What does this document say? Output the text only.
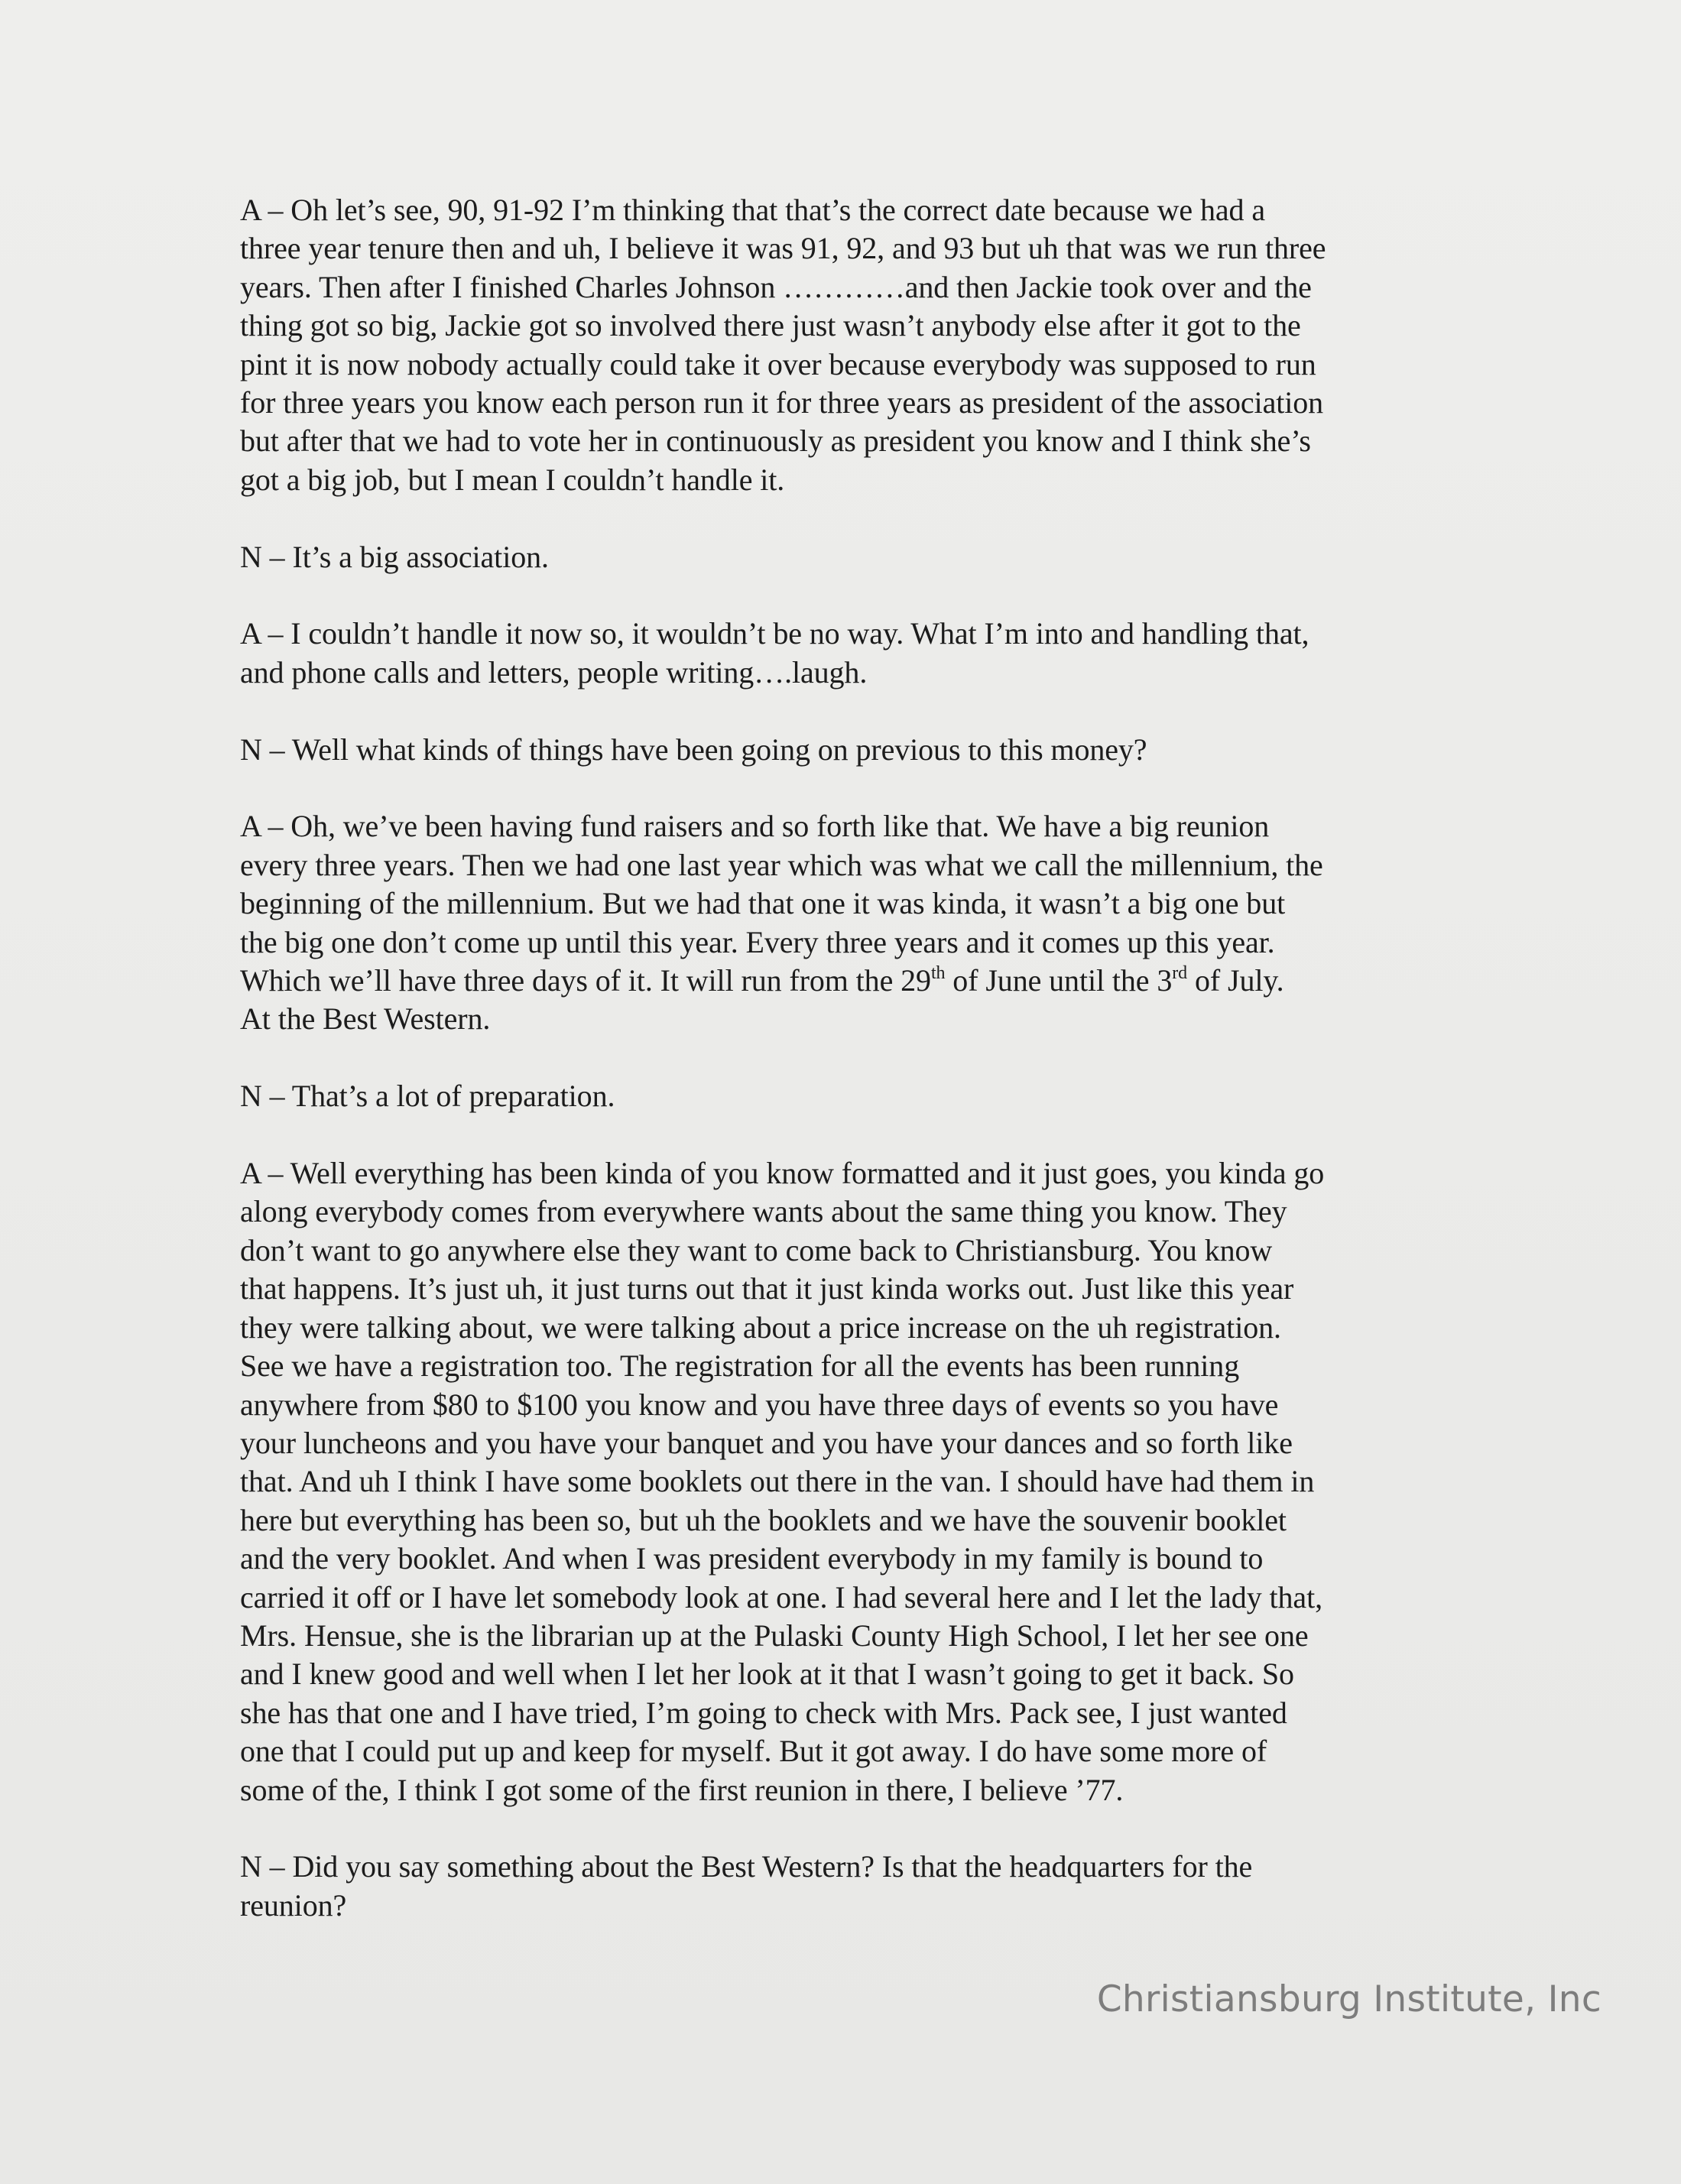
A – Oh let’s see, 90, 91-92 I’m thinking that that’s the correct date because we had a
three year tenure then and uh, I believe it was 91, 92, and 93 but uh that was we run three
years. Then after I finished Charles Johnson …………and then Jackie took over and the
thing got so big, Jackie got so involved there just wasn’t anybody else after it got to the
pint it is now nobody actually could take it over because everybody was supposed to run
for three years you know each person run it for three years as president of the association
but after that we had to vote her in continuously as president you know and I think she’s
got a big job, but I mean I couldn’t handle it.

N – It’s a big association.

A – I couldn’t handle it now so, it wouldn’t be no way. What I’m into and handling that,
and phone calls and letters, people writing….laugh.

N – Well what kinds of things have been going on previous to this money?

A – Oh, we’ve been having fund raisers and so forth like that. We have a big reunion
every three years. Then we had one last year which was what we call the millennium, the
beginning of the millennium. But we had that one it was kinda, it wasn’t a big one but
the big one don’t come up until this year. Every three years and it comes up this year.
Which we’ll have three days of it. It will run from the 29th of June until the 3rd of July.
At the Best Western.

N – That’s a lot of preparation.

A – Well everything has been kinda of you know formatted and it just goes, you kinda go
along everybody comes from everywhere wants about the same thing you know. They
don’t want to go anywhere else they want to come back to Christiansburg. You know
that happens. It’s just uh, it just turns out that it just kinda works out. Just like this year
they were talking about, we were talking about a price increase on the uh registration.
See we have a registration too. The registration for all the events has been running
anywhere from $80 to $100 you know and you have three days of events so you have
your luncheons and you have your banquet and you have your dances and so forth like
that. And uh I think I have some booklets out there in the van. I should have had them in
here but everything has been so, but uh the booklets and we have the souvenir booklet
and the very booklet. And when I was president everybody in my family is bound to
carried it off or I have let somebody look at one. I had several here and I let the lady that,
Mrs. Hensue, she is the librarian up at the Pulaski County High School, I let her see one
and I knew good and well when I let her look at it that I wasn’t going to get it back. So
she has that one and I have tried, I’m going to check with Mrs. Pack see, I just wanted
one that I could put up and keep for myself. But it got away. I do have some more of
some of the, I think I got some of the first reunion in there, I believe ’77.

N – Did you say something about the Best Western? Is that the headquarters for the
reunion?

Christiansburg Institute, Inc
